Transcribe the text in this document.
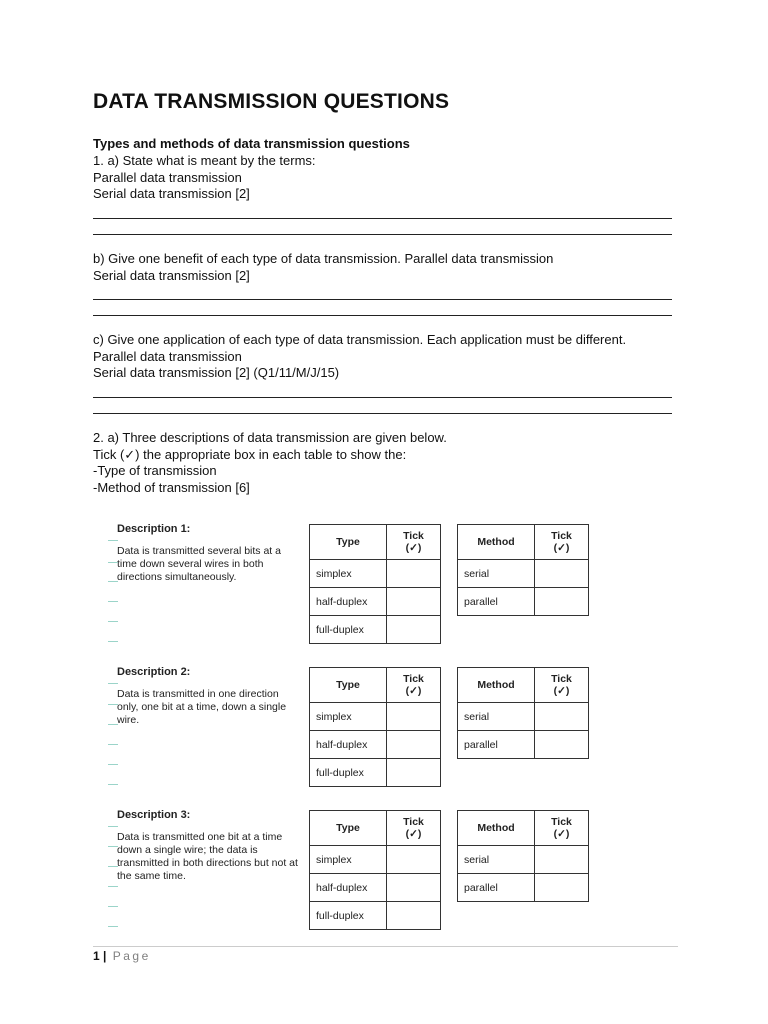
DATA TRANSMISSION QUESTIONS
Types and methods of data transmission questions
1. a) State what is meant by the terms:
Parallel data transmission
Serial data transmission [2]
b) Give one benefit of each type of data transmission. Parallel data transmission
Serial data transmission [2]
c) Give one application of each type of data transmission. Each application must be different.
Parallel data transmission
Serial data transmission [2] (Q1/11/M/J/15)
2. a) Three descriptions of data transmission are given below.
Tick (✓) the appropriate box in each table to show the:
-Type of transmission
-Method of transmission [6]
Description 1:
Data is transmitted several bits at a time down several wires in both directions simultaneously.
Type	Tick
(✓)
simplex	
half-duplex	
full-duplex	
Method	Tick
(✓)
serial	
parallel	
Description 2:
Data is transmitted in one direction only, one bit at a time, down a single wire.
Type	Tick
(✓)
simplex	
half-duplex	
full-duplex	
Method	Tick
(✓)
serial	
parallel	
Description 3:
Data is transmitted one bit at a time down a single wire; the data is transmitted in both directions but not at the same time.
Type	Tick
(✓)
simplex	
half-duplex	
full-duplex	
Method	Tick
(✓)
serial	
parallel	
1 | Page
